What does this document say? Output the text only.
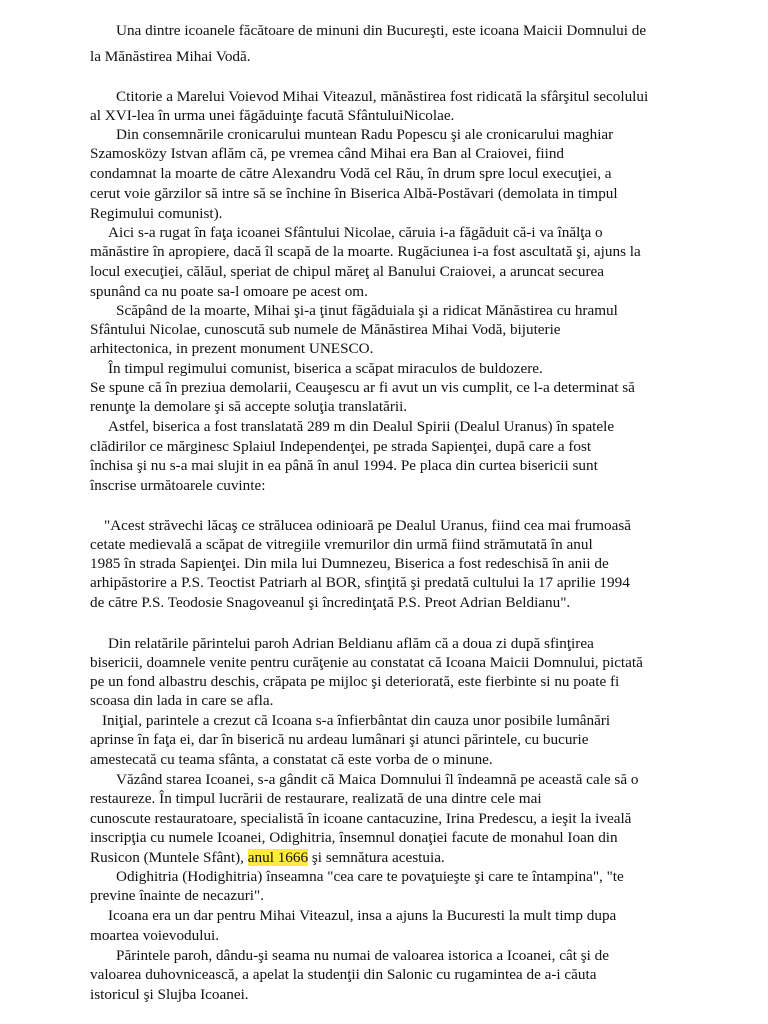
Una dintre icoanele făcătoare de minuni din Bucureşti, este icoana Maicii Domnului de
la Mănăstirea Mihai Vodă.
Ctitorie a Marelui Voievod Mihai Viteazul, mănăstirea fost ridicată la sfârşitul secolului
al XVI-lea în urma unei făgăduinţe facută SfântuluiNicolae.
Din consemnările cronicarului muntean Radu Popescu şi ale cronicarului maghiar
Szamosközy Istvan aflăm că, pe vremea când Mihai era Ban al Craiovei, fiind
condamnat la moarte de către Alexandru Vodă cel Rău, în drum spre locul execuţiei, a
cerut voie gărzilor să intre să se închine în Biserica Albă-Postăvari (demolata in timpul
Regimului comunist).
Aici s-a rugat în faţa icoanei Sfântului Nicolae, căruia i-a făgăduit că-i va înălţa o
mănăstire în apropiere, dacă îl scapă de la moarte. Rugăciunea i-a fost ascultată şi, ajuns la
locul execuţiei, călăul, speriat de chipul măreţ al Banului Craiovei, a aruncat securea
spunând ca nu poate sa-l omoare pe acest om.
Scăpând de la moarte, Mihai şi-a ţinut făgăduiala şi a ridicat Mănăstirea cu hramul
Sfântului Nicolae, cunoscută sub numele de Mănăstirea Mihai Vodă, bijuterie
arhitectonica, in prezent monument UNESCO.
În timpul regimului comunist, biserica a scăpat miraculos de buldozere.
Se spune că în preziua demolarii, Ceauşescu ar fi avut un vis cumplit, ce l-a determinat să
renunţe la demolare şi să accepte soluţia translatării.
Astfel, biserica a fost translatată 289 m din Dealul Spirii (Dealul Uranus) în spatele
clădirilor ce mărginesc Splaiul Independenţei, pe strada Sapienţei, după care a fost
închisa şi nu s-a mai slujit in ea până în anul 1994. Pe placa din curtea bisericii sunt
înscrise următoarele cuvinte:
"Acest străvechi lăcaş ce strălucea odinioară pe Dealul Uranus, fiind cea mai frumoasă
cetate medievală a scăpat de vitregiile vremurilor din urmă fiind strămutată în anul
1985 în strada Sapienţei. Din mila lui Dumnezeu, Biserica a fost redeschisă în anii de
arhipăstorire a P.S. Teoctist Patriarh al BOR, sfinţită şi predată cultului la 17 aprilie 1994
de către P.S. Teodosie Snagoveanul şi încredinţată P.S. Preot Adrian Beldianu".
Din relatările părintelui paroh Adrian Beldianu aflăm că a doua zi după sfinţirea
bisericii, doamnele venite pentru curăţenie au constatat că Icoana Maicii Domnului, pictată
pe un fond albastru deschis, crăpata pe mijloc şi deteriorată, este fierbinte si nu poate fi
scoasa din lada in care se afla.
Iniţial, parintele a crezut că Icoana s-a înfierbântat din cauza unor posibile lumânări
aprinse în faţa ei, dar în biserică nu ardeau lumânari şi atunci părintele, cu bucurie
amestecată cu teama sfânta, a constatat că este vorba de o minune.
Văzând starea Icoanei, s-a gândit că Maica Domnului îl îndeamnă pe această cale să o
restaureze. În timpul lucrării de restaurare, realizată de una dintre cele mai
cunoscute restauratoare, specialistă în icoane cantacuzine, Irina Predescu, a ieşit la iveală
inscripţia cu numele Icoanei, Odighitria, însemnul donaţiei facute de monahul Ioan din
Rusicon (Muntele Sfânt), anul 1666 şi semnătura acestuia.
Odighitria (Hodighitria) înseamna "cea care te povaţuieşte şi care te întampina", "te
previne înainte de necazuri".
Icoana era un dar pentru Mihai Viteazul, insa a ajuns la Bucuresti la mult timp dupa
moartea voievodului.
Părintele paroh, dându-şi seama nu numai de valoarea istorica a Icoanei, cât şi de
valoarea duhovnicească, a apelat la studenţii din Salonic cu rugamintea de a-i căuta
istoricul şi Slujba Icoanei.
